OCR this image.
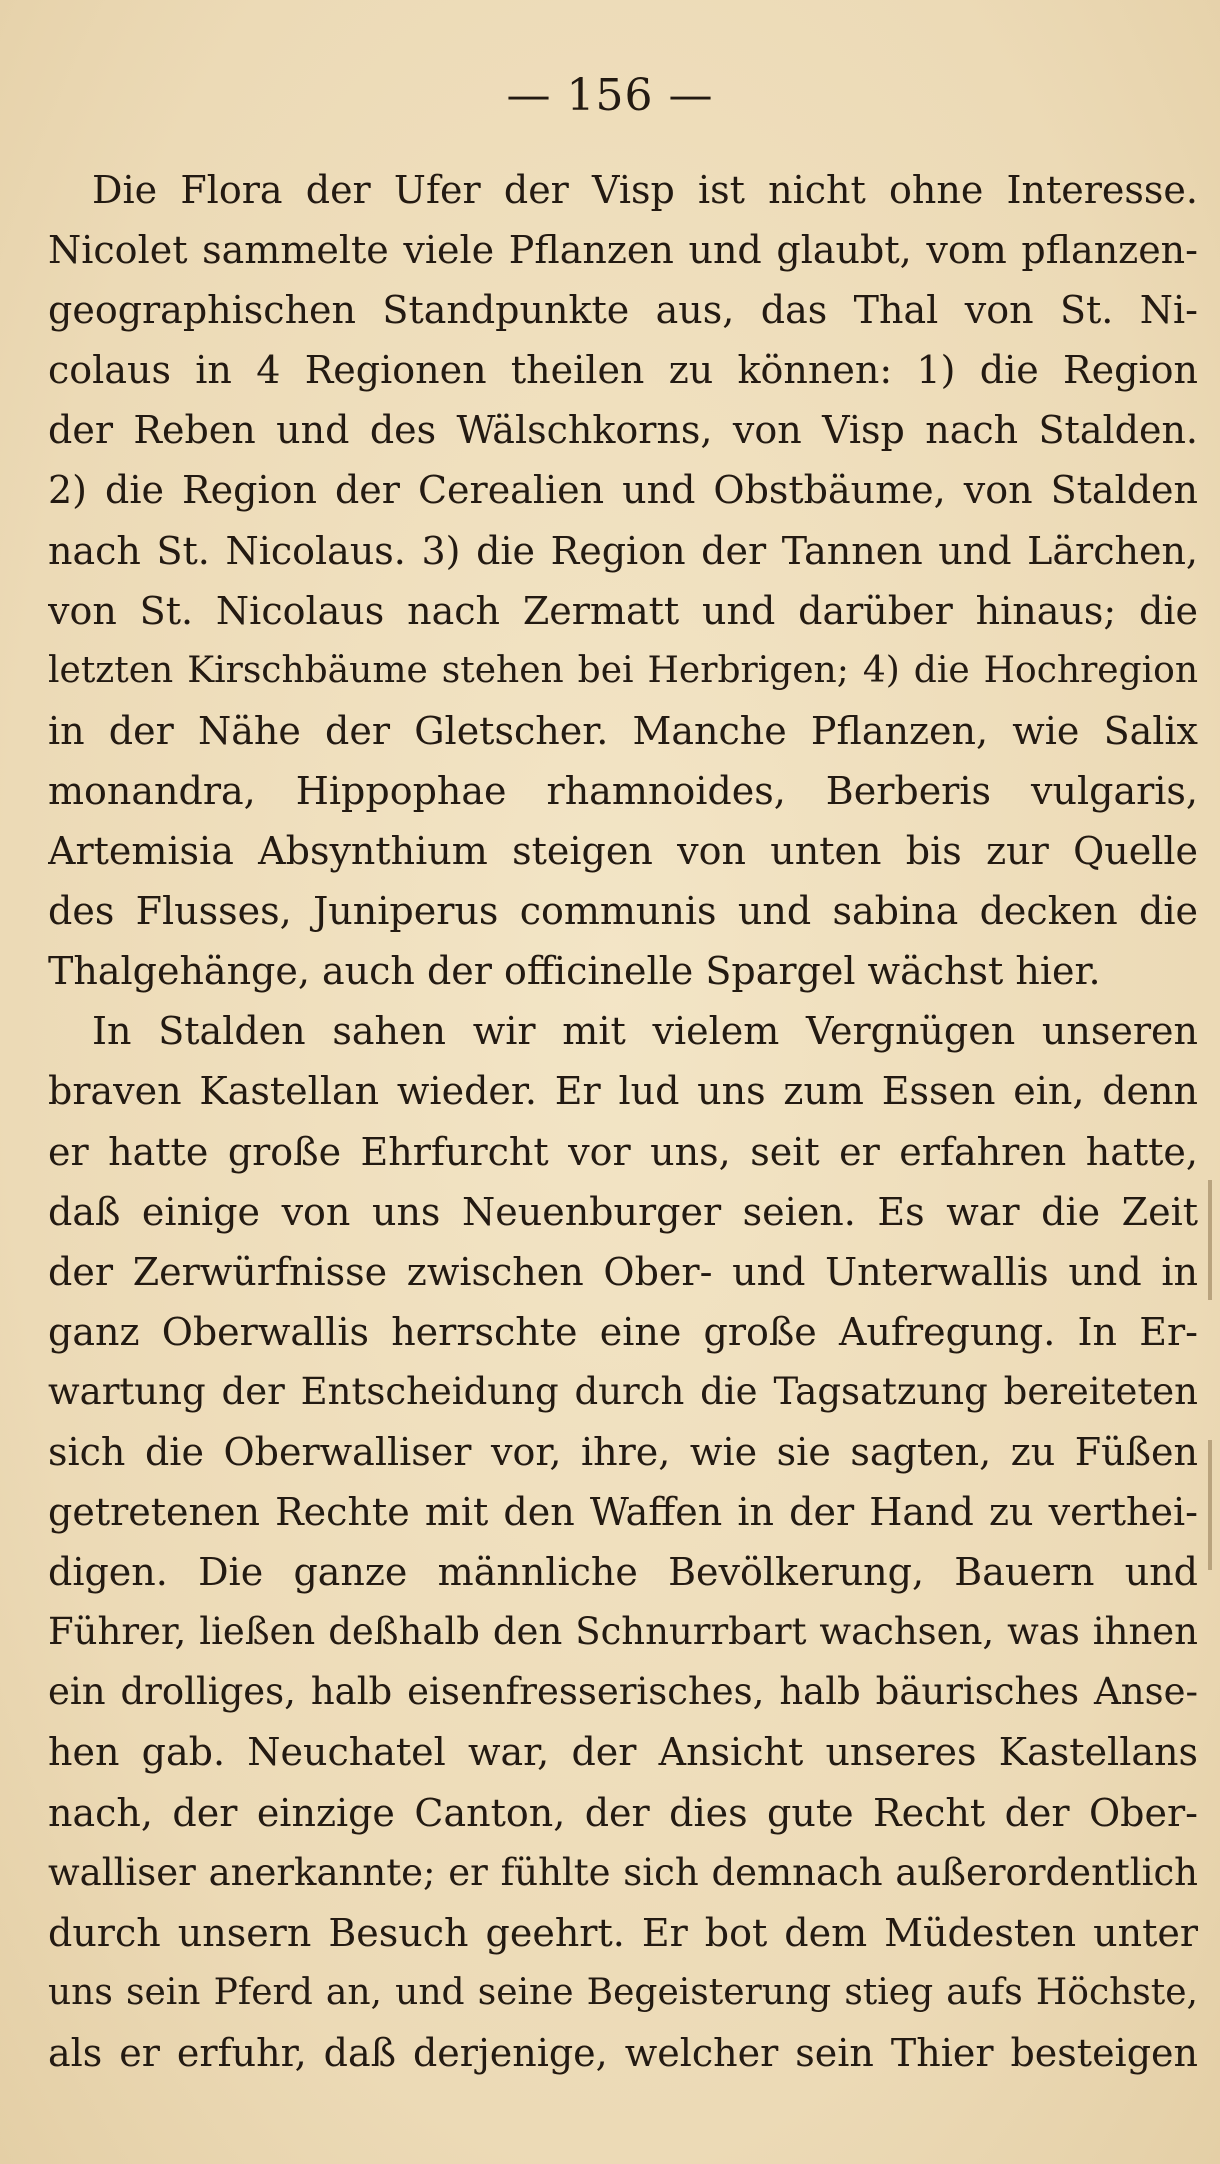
— 156 —
Die Flora der Ufer der Visp ist nicht ohne Interesse.
Nicolet sammelte viele Pflanzen und glaubt, vom pflanzen-
geographischen Standpunkte aus, das Thal von St. Ni-
colaus in 4 Regionen theilen zu können: 1) die Region
der Reben und des Wälschkorns, von Visp nach Stalden.
2) die Region der Cerealien und Obstbäume, von Stalden
nach St. Nicolaus. 3) die Region der Tannen und Lärchen,
von St. Nicolaus nach Zermatt und darüber hinaus; die
letzten Kirschbäume stehen bei Herbrigen; 4) die Hochregion
in der Nähe der Gletscher. Manche Pflanzen, wie Salix
monandra, Hippophae rhamnoides, Berberis vulgaris,
Artemisia Absynthium steigen von unten bis zur Quelle
des Flusses, Juniperus communis und sabina decken die
Thalgehänge, auch der officinelle Spargel wächst hier.
In Stalden sahen wir mit vielem Vergnügen unseren
braven Kastellan wieder. Er lud uns zum Essen ein, denn
er hatte große Ehrfurcht vor uns, seit er erfahren hatte,
daß einige von uns Neuenburger seien. Es war die Zeit
der Zerwürfnisse zwischen Ober- und Unterwallis und in
ganz Oberwallis herrschte eine große Aufregung. In Er-
wartung der Entscheidung durch die Tagsatzung bereiteten
sich die Oberwalliser vor, ihre, wie sie sagten, zu Füßen
getretenen Rechte mit den Waffen in der Hand zu verthei-
digen. Die ganze männliche Bevölkerung, Bauern und
Führer, ließen deßhalb den Schnurrbart wachsen, was ihnen
ein drolliges, halb eisenfresserisches, halb bäurisches Anse-
hen gab. Neuchatel war, der Ansicht unseres Kastellans
nach, der einzige Canton, der dies gute Recht der Ober-
walliser anerkannte; er fühlte sich demnach außerordentlich
durch unsern Besuch geehrt. Er bot dem Müdesten unter
uns sein Pferd an, und seine Begeisterung stieg aufs Höchste,
als er erfuhr, daß derjenige, welcher sein Thier besteigen
